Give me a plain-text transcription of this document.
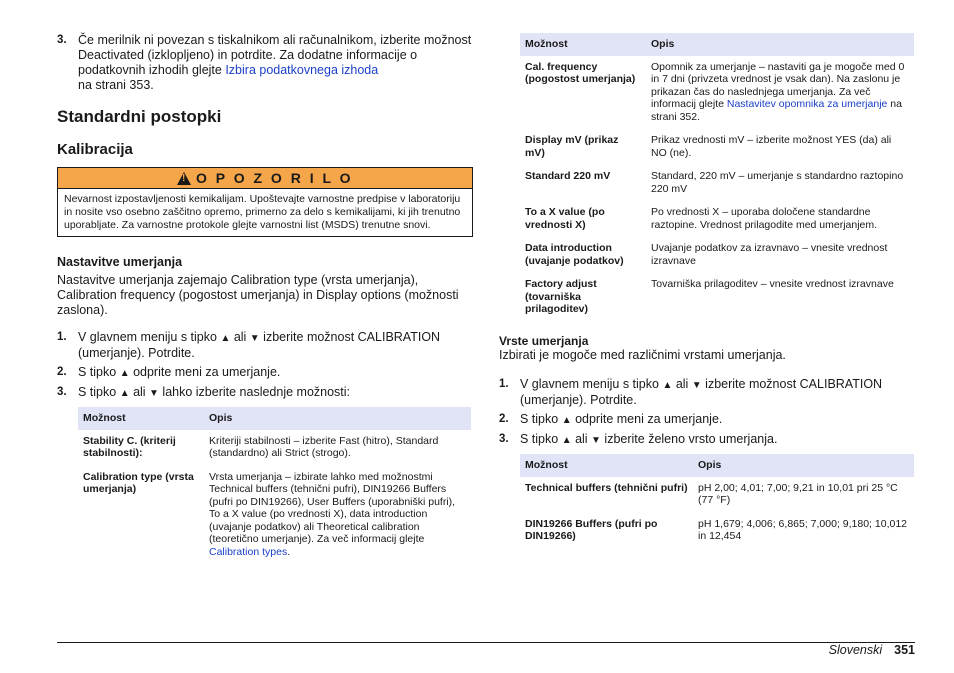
3. Če merilnik ni povezan s tiskalnikom ali računalnikom, izberite možnost Deactivated (izklopljeno) in potrdite. Za dodatne informacije o podatkovnih izhodih glejte Izbira podatkovnega izhoda
na strani 353.
Standardni postopki
Kalibracija
!
O P O Z O R I L O
Nevarnost izpostavljenosti kemikalijam. Upoštevajte varnostne predpise v laboratoriju in nosite vso osebno zaščitno opremo, primerno za delo s kemikalijami, ki jih trenutno uporabljate. Za varnostne protokole glejte varnostni list (MSDS) trenutne snovi.
Nastavitve umerjanja

Nastavitve umerjanja zajemajo Calibration type (vrsta umerjanja), Calibration frequency (pogostost umerjanja) in Display options (možnosti zaslona).

1. V glavnem meniju s tipko ▲ ali ▼ izberite možnost CALIBRATION (umerjanje). Potrdite.
2. S tipko ▲ odprite meni za umerjanje.
3. S tipko ▲ ali ▼ lahko izberite naslednje možnosti:
Možnost	Opis
Stability C. (kriterij stabilnosti):	Kriteriji stabilnosti – izberite Fast (hitro), Standard (standardno) ali Strict (strogo).
Calibration type (vrsta umerjanja)	Vrsta umerjanja – izbirate lahko med možnostmi Technical buffers (tehnični pufri), DIN19266 Buffers (pufri po DIN19266), User Buffers (uporabniški pufri), To a X value (po vrednosti X), data introduction (uvajanje podatkov) ali Theoretical calibration (teoretično umerjanje). Za več informacij glejte Calibration types.
Možnost	Opis
Cal. frequency (pogostost umerjanja)	Opomnik za umerjanje – nastaviti ga je mogoče med 0 in 7 dni (privzeta vrednost je vsak dan). Na zaslonu je prikazan čas do naslednjega umerjanja. Za več informacij glejte Nastavitev opomnika za umerjanje na strani 352.
Display mV (prikaz mV)	Prikaz vrednosti mV – izberite možnost YES (da) ali NO (ne).
Standard 220 mV	Standard, 220 mV – umerjanje s standardno raztopino 220 mV
To a X value (po vrednosti X)	Po vrednosti X – uporaba določene standardne raztopine. Vrednost prilagodite med umerjanjem.
Data introduction (uvajanje podatkov)	Uvajanje podatkov za izravnavo – vnesite vrednost izravnave
Factory adjust (tovarniška prilagoditev)	Tovarniška prilagoditev – vnesite vrednost izravnave
Vrste umerjanja

Izbirati je mogoče med različnimi vrstami umerjanja.

1. V glavnem meniju s tipko ▲ ali ▼ izberite možnost CALIBRATION (umerjanje). Potrdite.
2. S tipko ▲ odprite meni za umerjanje.
3. S tipko ▲ ali ▼ izberite želeno vrsto umerjanja.
Možnost	Opis
Technical buffers (tehnični pufri)	pH 2,00; 4,01; 7,00; 9,21 in 10,01 pri 25 °C (77 °F)
DIN19266 Buffers (pufri po DIN19266)	pH 1,679; 4,006; 6,865; 7,000; 9,180; 10,012 in 12,454
Slovenski 351
